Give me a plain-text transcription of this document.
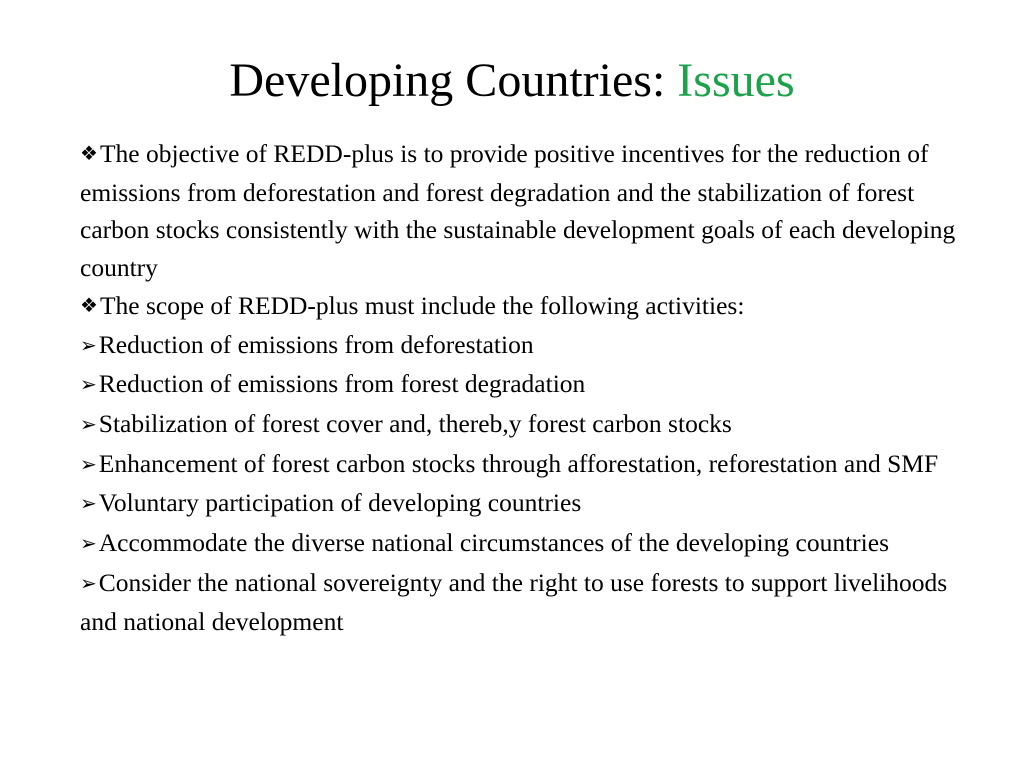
Developing Countries: Issues

❖The objective of REDD-plus is to provide positive incentives for the reduction of emissions from deforestation and forest degradation and the stabilization of forest carbon stocks consistently with the sustainable development goals of each developing country

❖The scope of REDD-plus must include the following activities:

➢Reduction of emissions from deforestation

➢Reduction of emissions from forest degradation

➢Stabilization of forest cover and, thereb,y forest carbon stocks

➢Enhancement of forest carbon stocks through afforestation, reforestation and SMF

➢Voluntary participation of developing countries

➢Accommodate the diverse national circumstances of the developing countries

➢Consider the national sovereignty and the right to use forests to support livelihoods and national development
